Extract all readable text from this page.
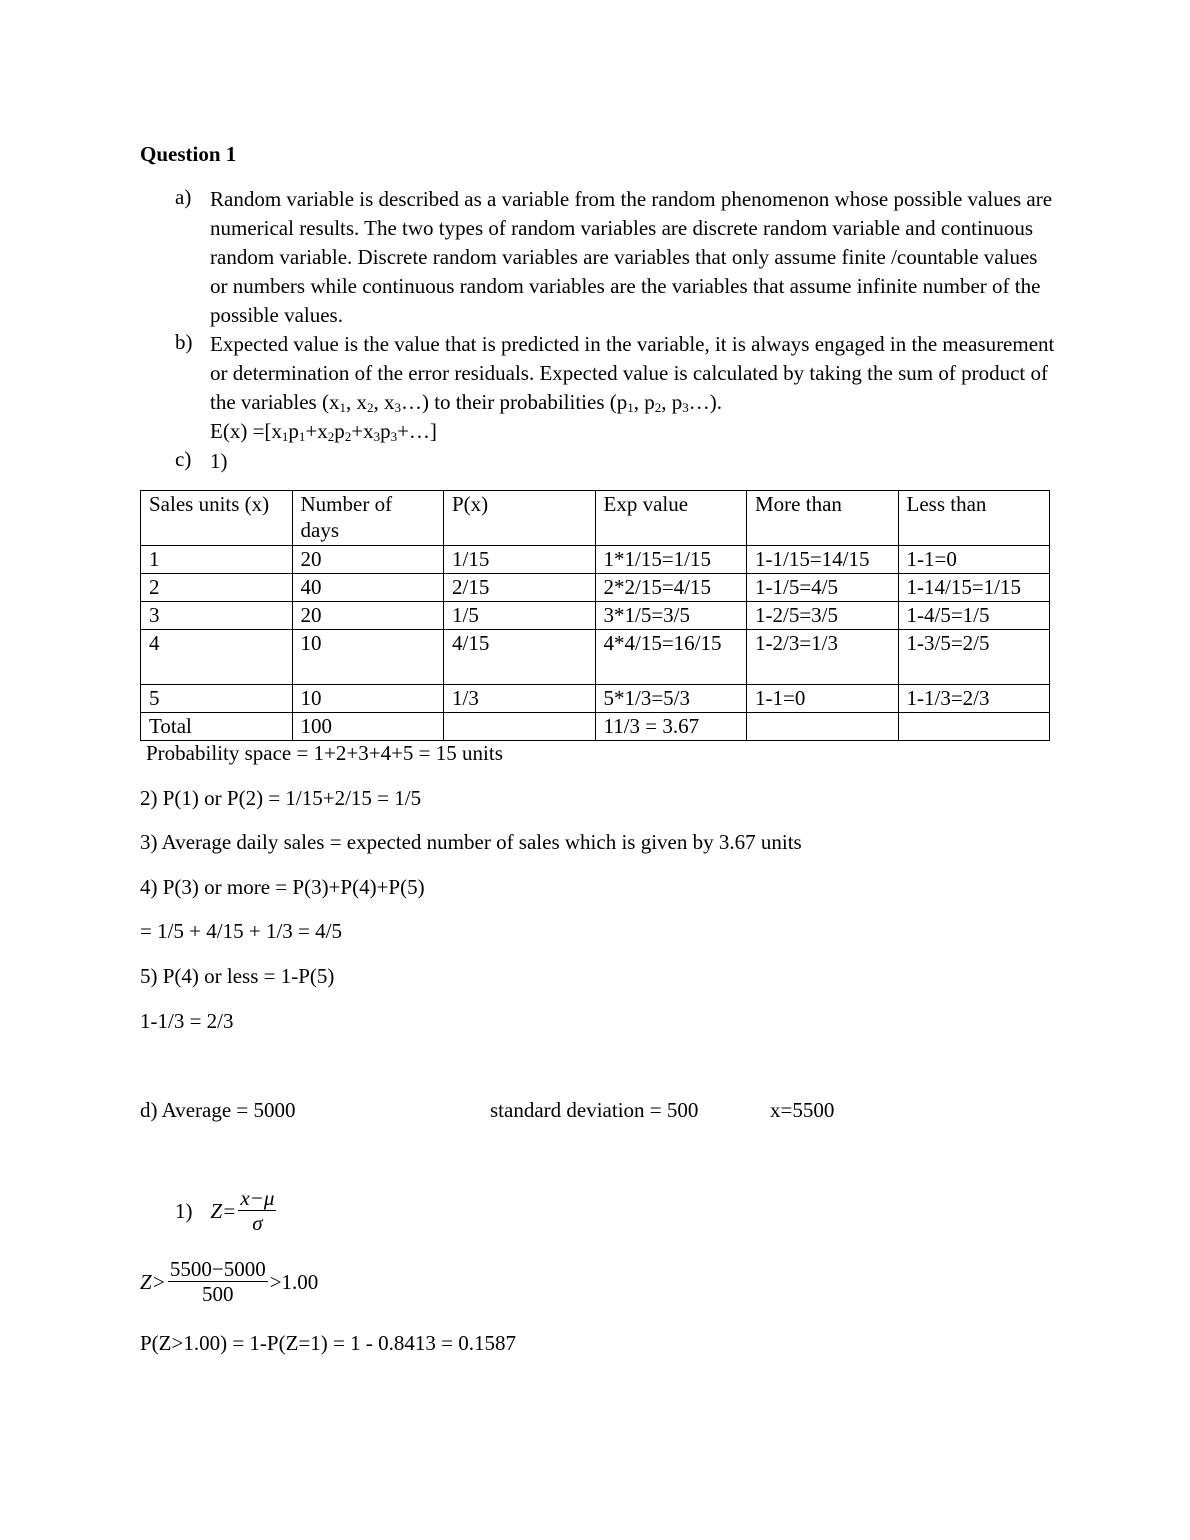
Question 1
a) Random variable is described as a variable from the random phenomenon whose possible values are numerical results. The two types of random variables are discrete random variable and continuous random variable. Discrete random variables are variables that only assume finite /countable values or numbers while continuous random variables are the variables that assume infinite number of the possible values.
b) Expected value is the value that is predicted in the variable, it is always engaged in the measurement or determination of the error residuals. Expected value is calculated by taking the sum of product of the variables ($x_1$, $x_2$, $x_3\dots$) to their probabilities ($p_1$, $p_2$, $p_3\dots$).
$E(x) =[x_1p_1+x_2p_2+x_3p_3+\dots]$
c) 1)
Sales units (x)	Number of days	P(x)	Exp value	More than	Less than
1	20	1/15	1*1/15=1/15	1-1/15=14/15	1-1=0
2	40	2/15	2*2/15=4/15	1-1/5=4/5	1-14/15=1/15
3	20	1/5	3*1/5=3/5	1-2/5=3/5	1-4/5=1/5
4	10	4/15	4*4/15=16/15	1-2/3=1/3	1-3/5=2/5
5	10	1/3	5*1/3=5/3	1-1=0	1-1/3=2/3
Total	100		11/3 = 3.67		
Probability space = 1+2+3+4+5 = 15 units
2) P(1) or P(2) = 1/15+2/15 = 1/5
3) Average daily sales = expected number of sales which is given by 3.67 units
4) P(3) or more = P(3)+P(4)+P(5)
= 1/5 + 4/15 + 1/3 = 4/5
5) P(4) or less = 1-P(5)
1-1/3 = 2/3
d) Average = 5000	standard deviation = 500	x=5500
1) $Z= \frac{x-\mu}{\sigma}$
$Z> \frac{5500-5000}{500} >1.00$
P(Z>1.00) = 1-P(Z=1) = 1 - 0.8413 = 0.1587
